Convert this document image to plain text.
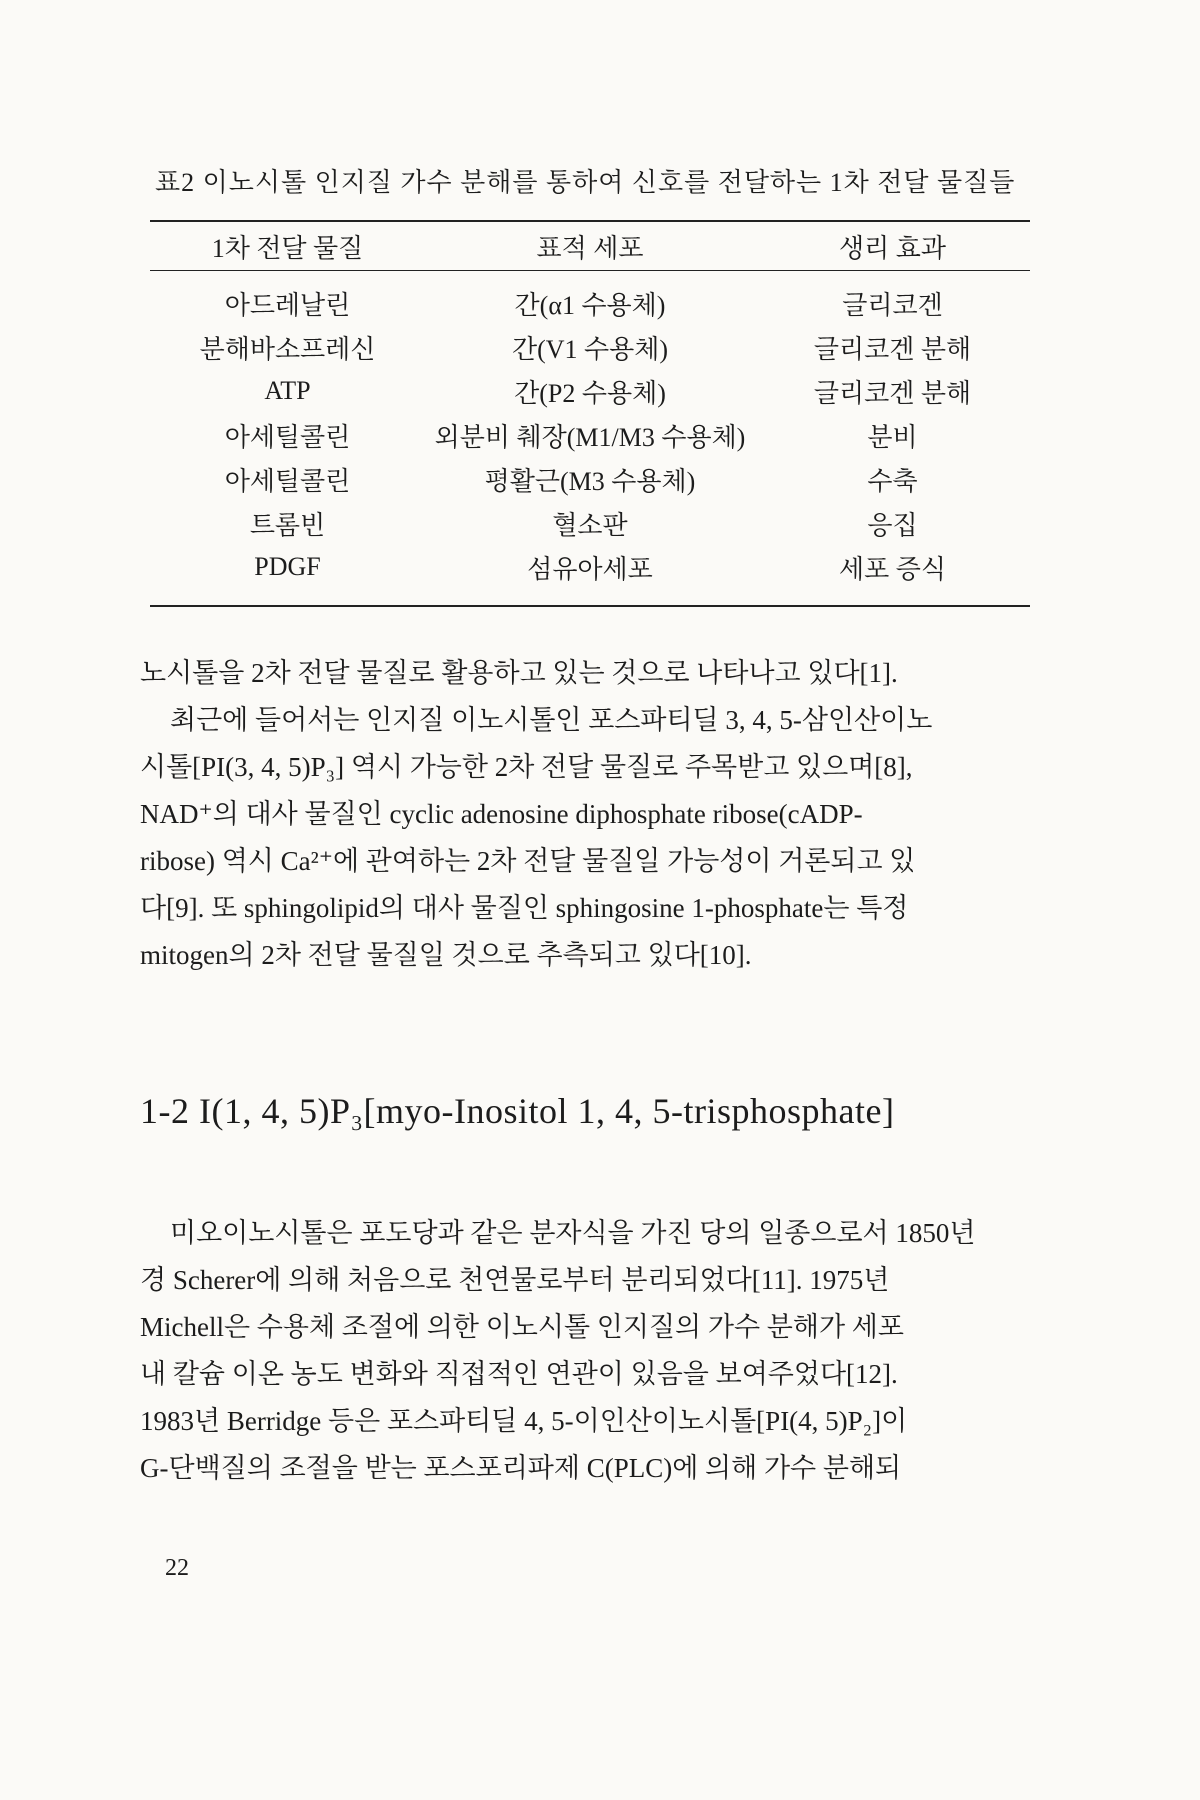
표2 이노시톨 인지질 가수 분해를 통하여 신호를 전달하는 1차 전달 물질들
1차 전달 물질	표적 세포	생리 효과
아드레날린	간(α1 수용체)	글리코겐
분해바소프레신	간(V1 수용체)	글리코겐 분해
ATP	간(P2 수용체)	글리코겐 분해
아세틸콜린	외분비 췌장(M1/M3 수용체)	분비
아세틸콜린	평활근(M3 수용체)	수축
트롬빈	혈소판	응집
PDGF	섬유아세포	세포 증식
노시톨을 2차 전달 물질로 활용하고 있는 것으로 나타나고 있다[1].
최근에 들어서는 인지질 이노시톨인 포스파티딜 3, 4, 5-삼인산이노
시톨[PI(3, 4, 5)P₃] 역시 가능한 2차 전달 물질로 주목받고 있으며[8],
NAD⁺의 대사 물질인 cyclic adenosine diphosphate ribose(cADP-
ribose) 역시 Ca²⁺에 관여하는 2차 전달 물질일 가능성이 거론되고 있
다[9]. 또 sphingolipid의 대사 물질인 sphingosine 1-phosphate는 특정
mitogen의 2차 전달 물질일 것으로 추측되고 있다[10].
1-2 I(1, 4, 5)P₃[myo-Inositol 1, 4, 5-trisphosphate]
미오이노시톨은 포도당과 같은 분자식을 가진 당의 일종으로서 1850년
경 Scherer에 의해 처음으로 천연물로부터 분리되었다[11]. 1975년
Michell은 수용체 조절에 의한 이노시톨 인지질의 가수 분해가 세포
내 칼슘 이온 농도 변화와 직접적인 연관이 있음을 보여주었다[12].
1983년 Berridge 등은 포스파티딜 4, 5-이인산이노시톨[PI(4, 5)P₂]이
G-단백질의 조절을 받는 포스포리파제 C(PLC)에 의해 가수 분해되
22
